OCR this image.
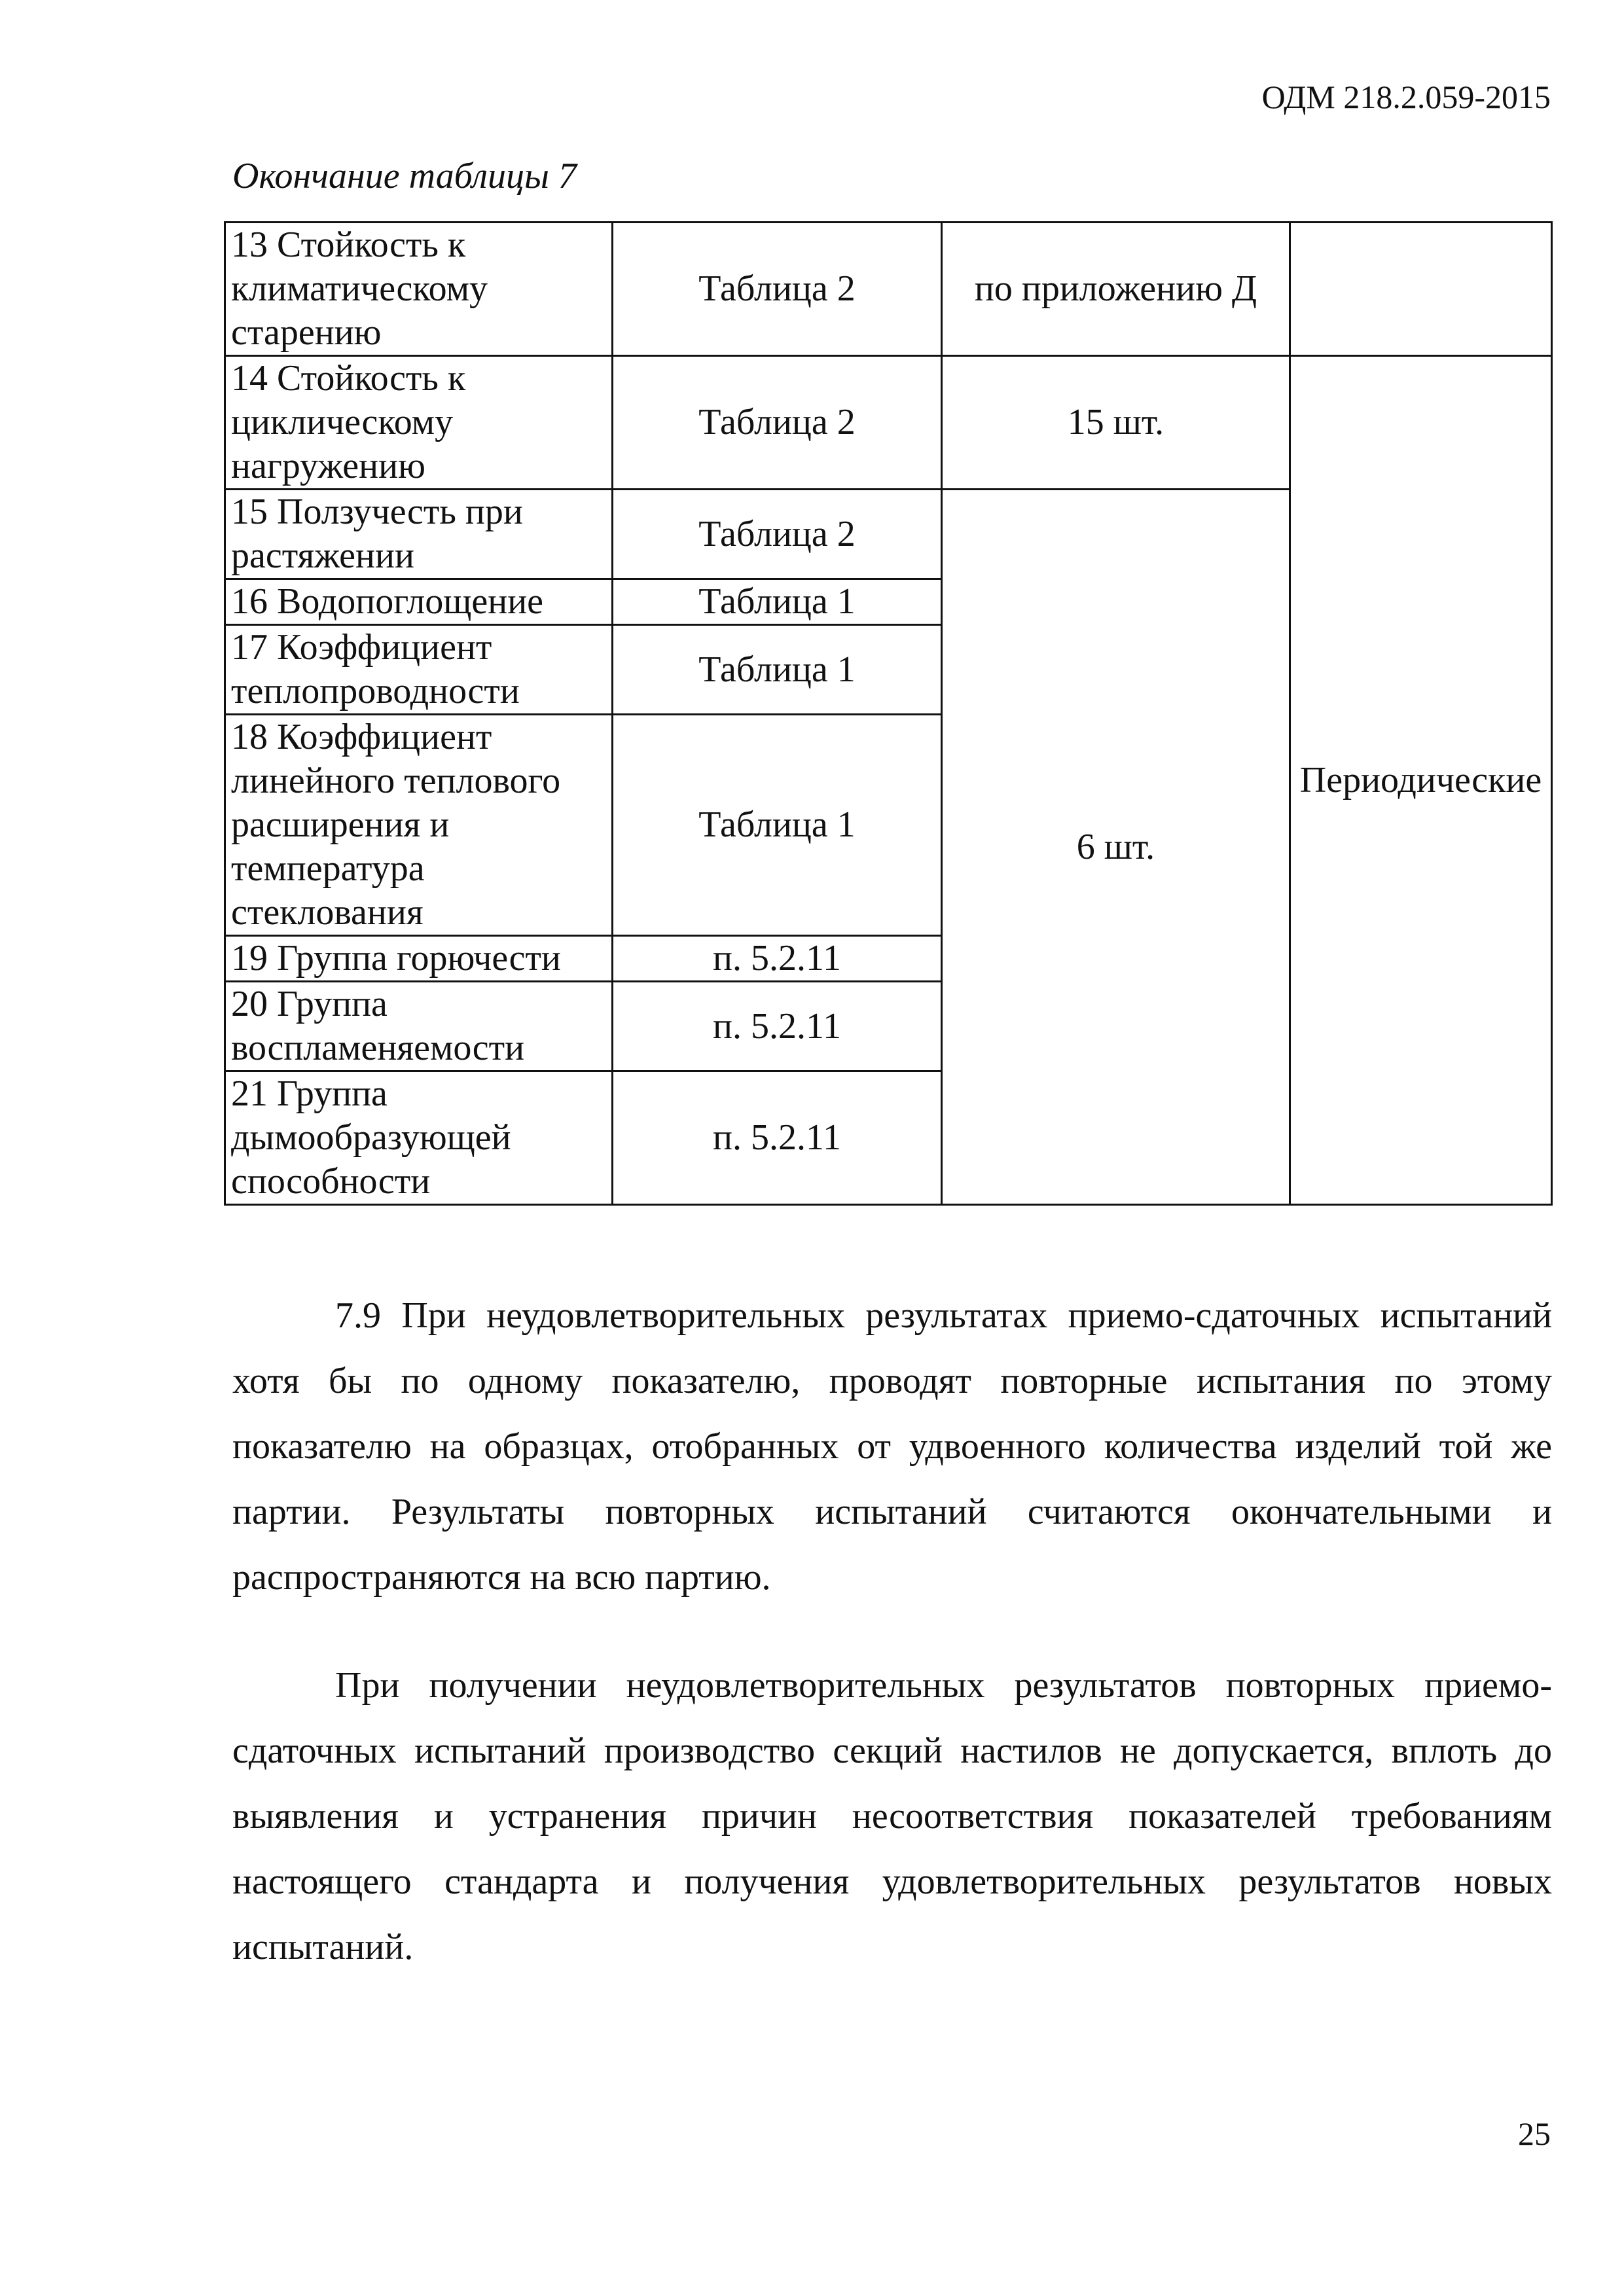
ОДМ 218.2.059-2015
Окончание таблицы 7
13 Стойкость к климатическому старению	Таблица 2	по приложению Д	
14 Стойкость к циклическому нагружению	Таблица 2	15 шт.	Периодические
15 Ползучесть при растяжении	Таблица 2	6 шт.	
16 Водопоглощение	Таблица 1		
17 Коэффициент теплопроводности	Таблица 1		
18 Коэффициент линейного теплового расширения и температура стеклования	Таблица 1		
19 Группа горючести	п. 5.2.11		
20 Группа воспламеняемости	п. 5.2.11		
21 Группа дымообразующей способности	п. 5.2.11		

7.9 При неудовлетворительных результатах приемо-сдаточных испытаний хотя бы по одному показателю, проводят повторные испытания по этому показателю на образцах, отобранных от удвоенного количества изделий той же партии. Результаты повторных испытаний считаются окончательными и распространяются на всю партию.

При получении неудовлетворительных результатов повторных приемо-сдаточных испытаний производство секций настилов не допускается, вплоть до выявления и устранения причин несоответствия показателей требованиям настоящего стандарта и получения удовлетворительных результатов новых испытаний.

25
